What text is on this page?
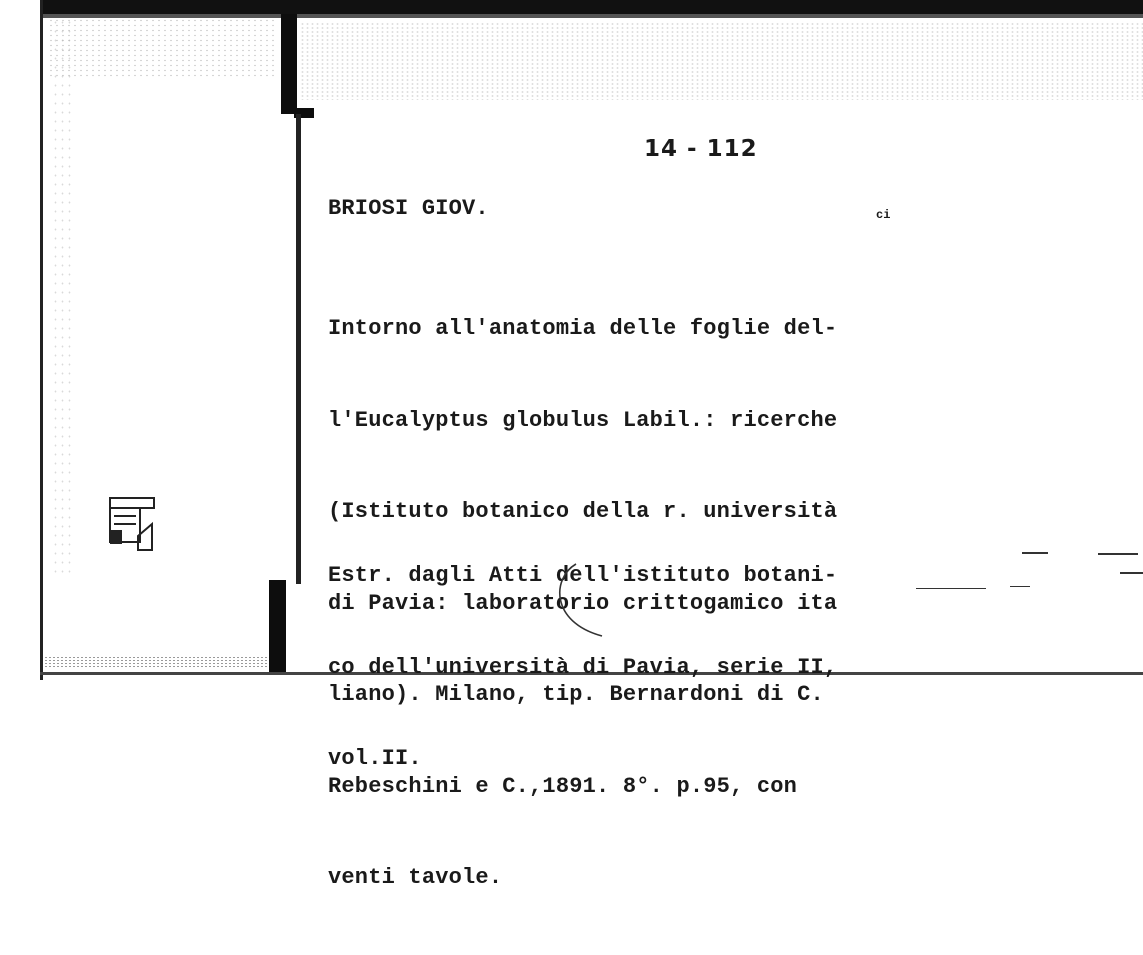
14 - 112
BRIOSI GIOV.	ci

Intorno all'anatomia delle foglie del-

l'Eucalyptus globulus Labil.: ricerche

(Istituto botanico della r. università

di Pavia: laboratorio crittogamico ita

liano). Milano, tip. Bernardoni di C.

Rebeschini e C.,1891. 8°. p.95, con

venti tavole.

Estr. dagli Atti dell'istituto botani-

co dell'università di Pavia, serie II,

vol.II.
